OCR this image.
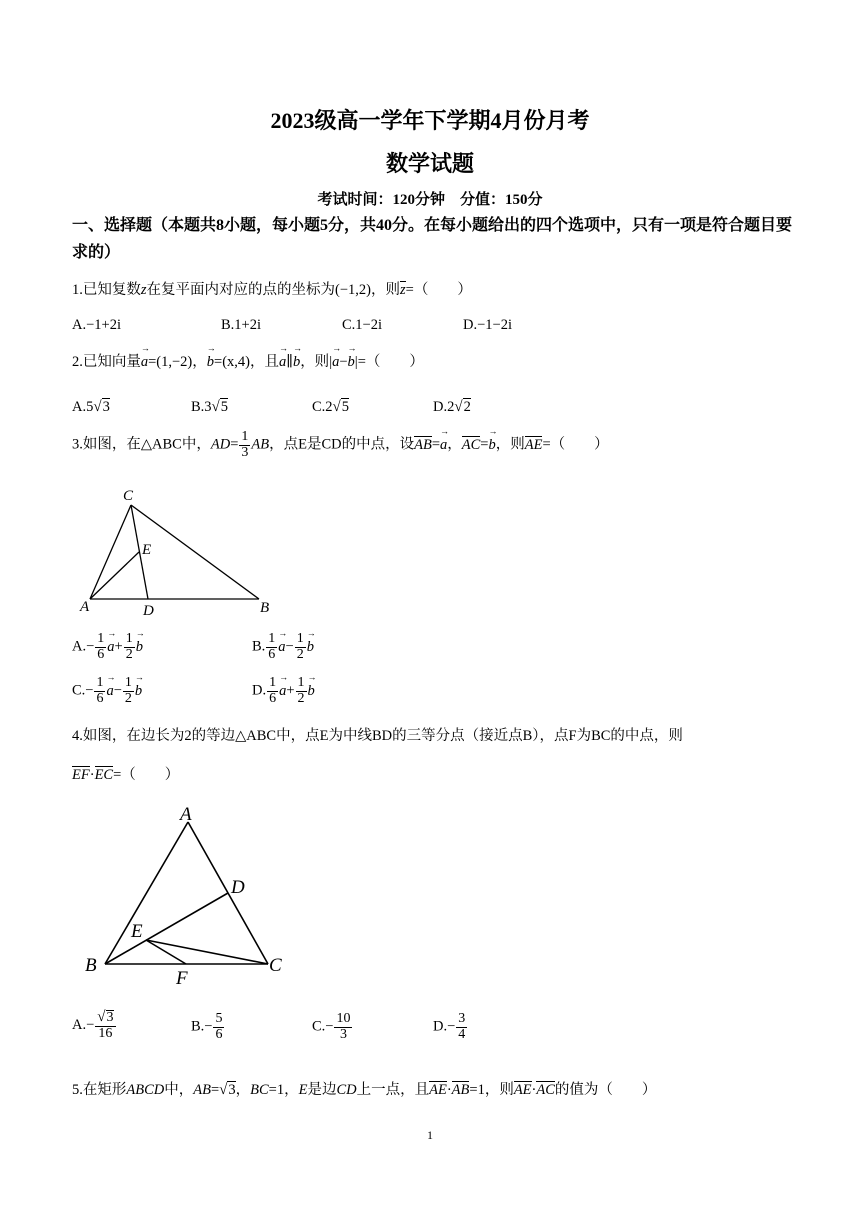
2023级高一学年下学期4月份月考
数学试题
考试时间：120分钟　分值：150分
一、选择题（本题共8小题，每小题5分，共40分。在每小题给出的四个选项中，只有一项是符合题目要求的）
1.已知复数z在复平面内对应的点的坐标为(−1,2)，则z=（　　）
A.−1+2i	B.1+2i	C.1−2i	D.−1−2i
2.已知向量a →=(1,−2)，b →=(x,4)，且a →∥b →，则|a →−b →|=（　　）
A.5√3	B.3√5	C.2√5	D.2√2
3.如图，在△ABC中，$AD= \frac{1}{3}$ AB，点E是CD的中点，设AB=a →，AC=b →，则AE=（　　）
C
E
A	D	B
$A.- \frac{1}{6}$ $a \to+ \frac{1}{2}$ b →	B. $\frac{1}{6}$ $a \to- \frac{1}{2}$ b →
$C.- \frac{1}{6}$ $a \to- \frac{1}{2}$ b →	D. $\frac{1}{6}$ $a \to+ \frac{1}{2}$ b →
4.如图，在边长为2的等边△ABC中，点E为中线BD的三等分点（接近点B），点F为BC的中点，则
EF·EC=（　　）
A
D
E
B
F
C
$A.- \frac{√3}{16}$	$B.- \frac{5}{6}$	$C.- \frac{10}{3}$	$D.- \frac{3}{4}$
5.在矩形ABCD中，AB=√3，BC=1，E是边CD上一点，且AE·AB=1，则AE·AC的值为（　　）
1
